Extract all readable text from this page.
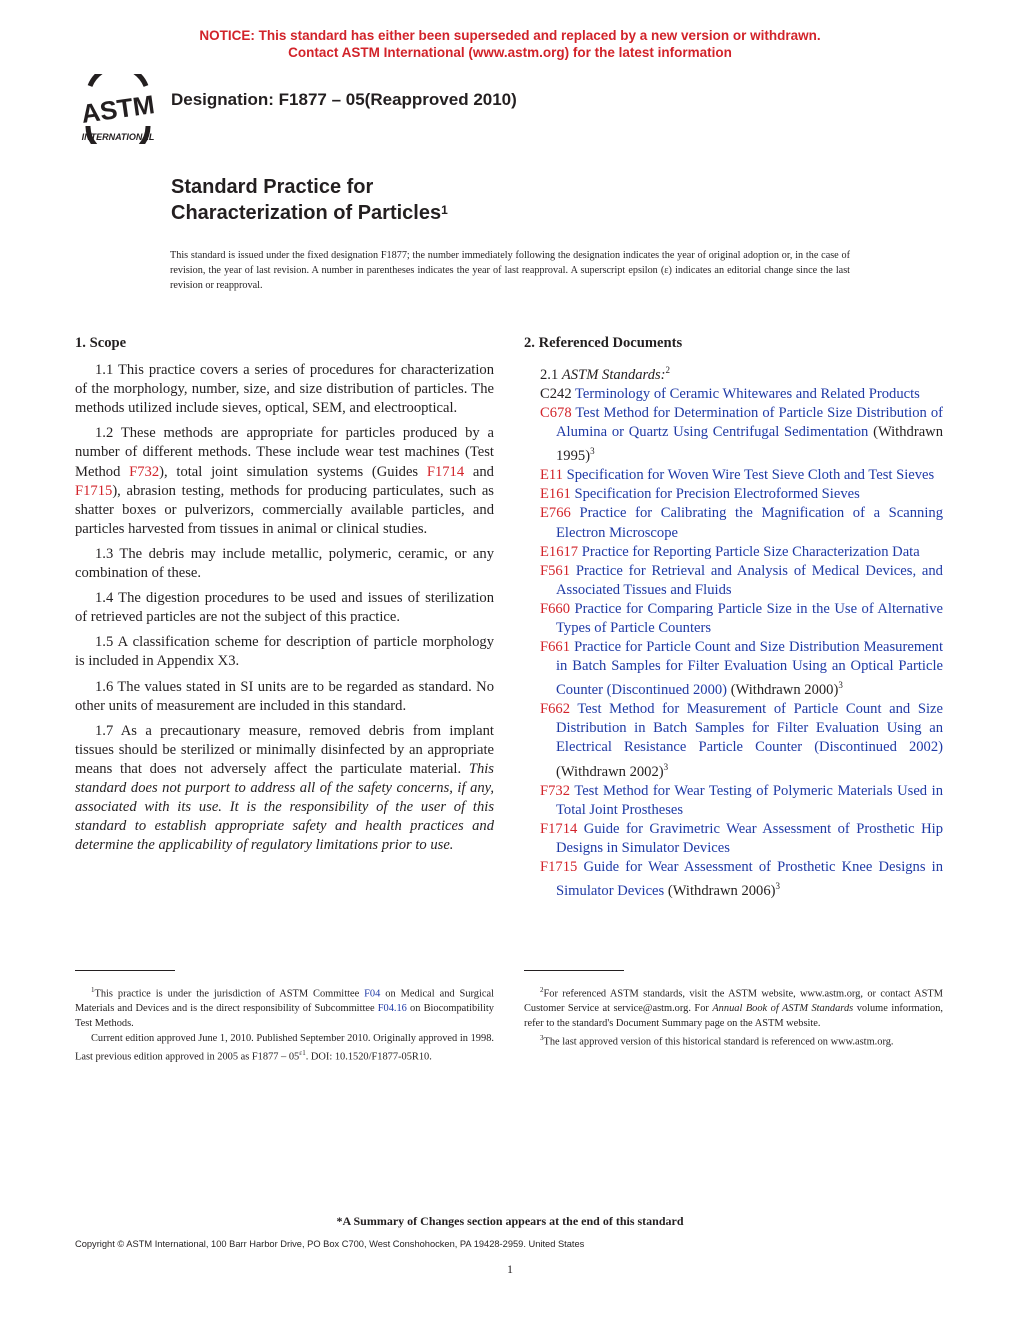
NOTICE: This standard has either been superseded and replaced by a new version or withdrawn.
Contact ASTM International (www.astm.org) for the latest information
ASTM
INTERNATIONAL
Designation: F1877 – 05(Reapproved 2010)
Standard Practice for
Characterization of Particles$^1$
This standard is issued under the fixed designation F1877; the number immediately following the designation indicates the year of original adoption or, in the case of revision, the year of last revision. A number in parentheses indicates the year of last reapproval. A superscript epsilon (ε) indicates an editorial change since the last revision or reapproval.
1. Scope

1.1 This practice covers a series of procedures for characterization of the morphology, number, size, and size distribution of particles. The methods utilized include sieves, optical, SEM, and electrooptical.

1.2 These methods are appropriate for particles produced by a number of different methods. These include wear test machines (Test Method F732), total joint simulation systems (Guides F1714 and F1715), abrasion testing, methods for producing particulates, such as shatter boxes or pulverizors, commercially available particles, and particles harvested from tissues in animal or clinical studies.

1.3 The debris may include metallic, polymeric, ceramic, or any combination of these.

1.4 The digestion procedures to be used and issues of sterilization of retrieved particles are not the subject of this practice.

1.5 A classification scheme for description of particle morphology is included in Appendix X3.

1.6 The values stated in SI units are to be regarded as standard. No other units of measurement are included in this standard.

1.7 As a precautionary measure, removed debris from implant tissues should be sterilized or minimally disinfected by an appropriate means that does not adversely affect the particulate material. This standard does not purport to address all of the safety concerns, if any, associated with its use. It is the responsibility of the user of this standard to establish appropriate safety and health practices and determine the applicability of regulatory limitations prior to use.

2. Referenced Documents
2.1 ASTM Standards:$^2$

C242 Terminology of Ceramic Whitewares and Related Products

C678 Test Method for Determination of Particle Size Distribution of Alumina or Quartz Using Centrifugal Sedimentation (Withdrawn 1995)$^3$

E11 Specification for Woven Wire Test Sieve Cloth and Test Sieves

E161 Specification for Precision Electroformed Sieves

E766 Practice for Calibrating the Magnification of a Scanning Electron Microscope

E1617 Practice for Reporting Particle Size Characterization Data

F561 Practice for Retrieval and Analysis of Medical Devices, and Associated Tissues and Fluids

F660 Practice for Comparing Particle Size in the Use of Alternative Types of Particle Counters

F661 Practice for Particle Count and Size Distribution Measurement in Batch Samples for Filter Evaluation Using an Optical Particle Counter (Discontinued 2000) (Withdrawn 2000)$^3$

F662 Test Method for Measurement of Particle Count and Size Distribution in Batch Samples for Filter Evaluation Using an Electrical Resistance Particle Counter (Discontinued 2002) (Withdrawn 2002)$^3$

F732 Test Method for Wear Testing of Polymeric Materials Used in Total Joint Prostheses

F1714 Guide for Gravimetric Wear Assessment of Prosthetic Hip Designs in Simulator Devices

F1715 Guide for Wear Assessment of Prosthetic Knee Designs in Simulator Devices (Withdrawn 2006)$^3$

$^1$This practice is under the jurisdiction of ASTM Committee F04 on Medical and Surgical Materials and Devices and is the direct responsibility of Subcommittee F04.16 on Biocompatibility Test Methods.

Current edition approved June 1, 2010. Published September 2010. Originally approved in 1998. Last previous edition approved in 2005 as $F1877 - 05^{\varepsilon 1}$. DOI: 10.1520/F1877-05R10.

$^2$For referenced ASTM standards, visit the ASTM website, www.astm.org, or contact ASTM Customer Service at service@astm.org. For Annual Book of ASTM Standards volume information, refer to the standard's Document Summary page on the ASTM website.

$^3$The last approved version of this historical standard is referenced on www.astm.org.

*A Summary of Changes section appears at the end of this standard
Copyright © ASTM International, 100 Barr Harbor Drive, PO Box C700, West Conshohocken, PA 19428-2959. United States
1
